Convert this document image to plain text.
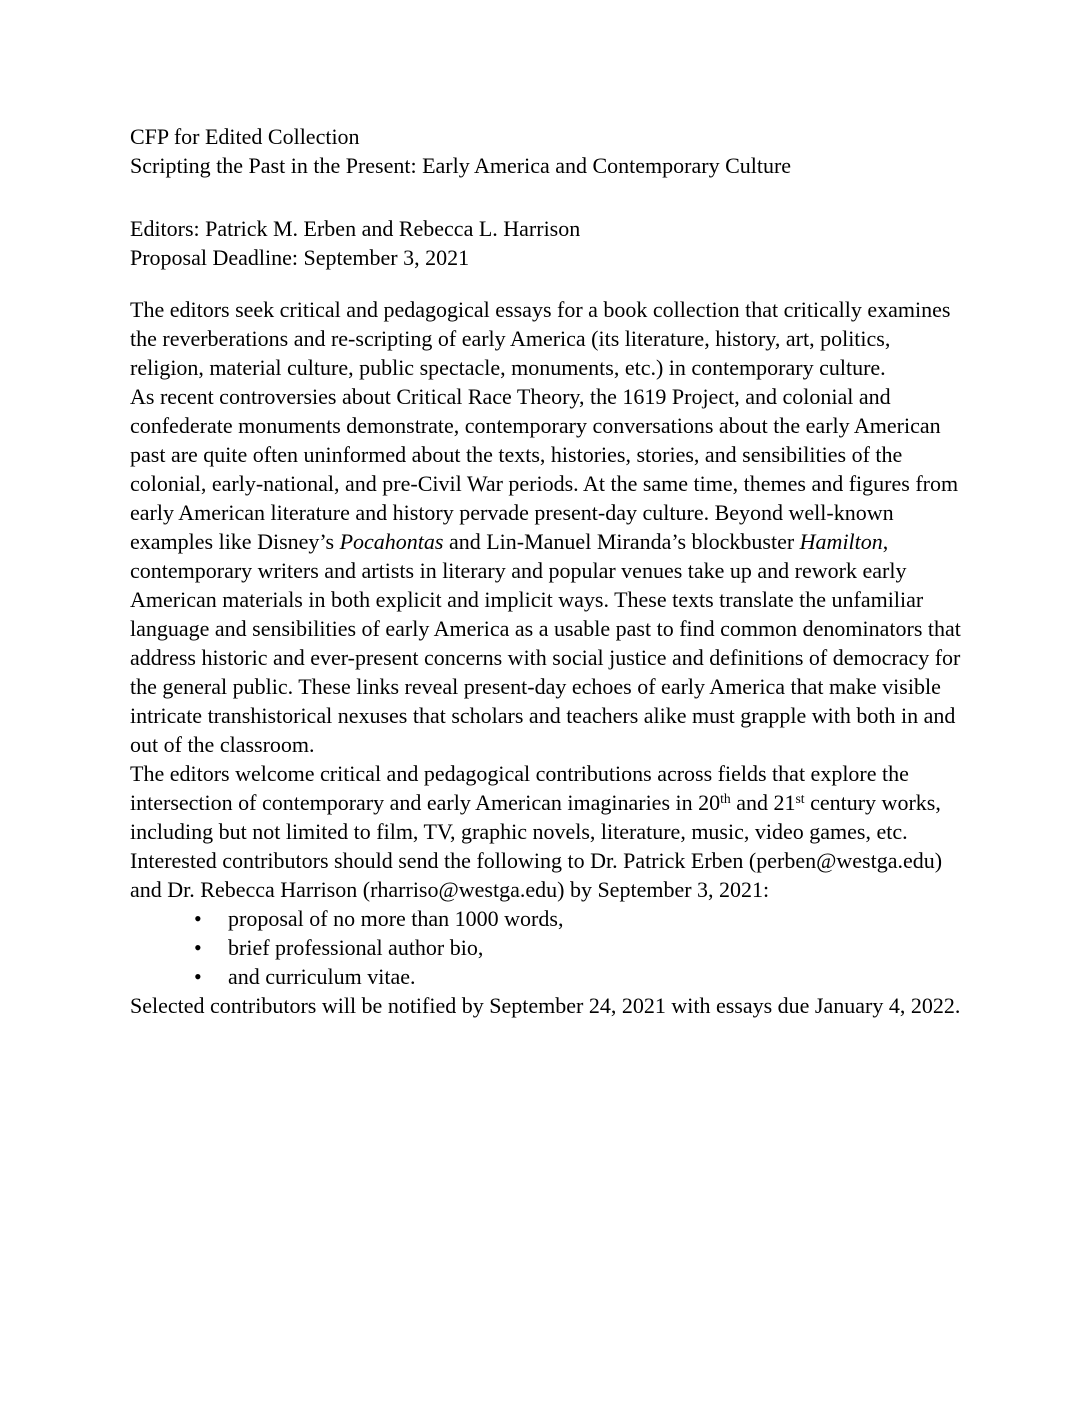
CFP for Edited Collection

Scripting the Past in the Present: Early America and Contemporary Culture

Editors: Patrick M. Erben and Rebecca L. Harrison

Proposal Deadline: September 3, 2021

The editors seek critical and pedagogical essays for a book collection that critically examines the reverberations and re-scripting of early America (its literature, history, art, politics, religion, material culture, public spectacle, monuments, etc.) in contemporary culture.

As recent controversies about Critical Race Theory, the 1619 Project, and colonial and confederate monuments demonstrate, contemporary conversations about the early American past are quite often uninformed about the texts, histories, stories, and sensibilities of the colonial, early-national, and pre-Civil War periods. At the same time, themes and figures from early American literature and history pervade present-day culture. Beyond well-known examples like Disney’s Pocahontas and Lin-Manuel Miranda’s blockbuster Hamilton, contemporary writers and artists in literary and popular venues take up and rework early American materials in both explicit and implicit ways. These texts translate the unfamiliar language and sensibilities of early America as a usable past to find common denominators that address historic and ever-present concerns with social justice and definitions of democracy for the general public. These links reveal present-day echoes of early America that make visible intricate transhistorical nexuses that scholars and teachers alike must grapple with both in and out of the classroom.

The editors welcome critical and pedagogical contributions across fields that explore the intersection of contemporary and early American imaginaries in 20th and 21st century works, including but not limited to film, TV, graphic novels, literature, music, video games, etc. Interested contributors should send the following to Dr. Patrick Erben (perben@westga.edu) and Dr. Rebecca Harrison (rharriso@westga.edu) by September 3, 2021:

•
proposal of no more than 1000 words,
•
brief professional author bio,
•
and curriculum vitae.

Selected contributors will be notified by September 24, 2021 with essays due January 4, 2022.
